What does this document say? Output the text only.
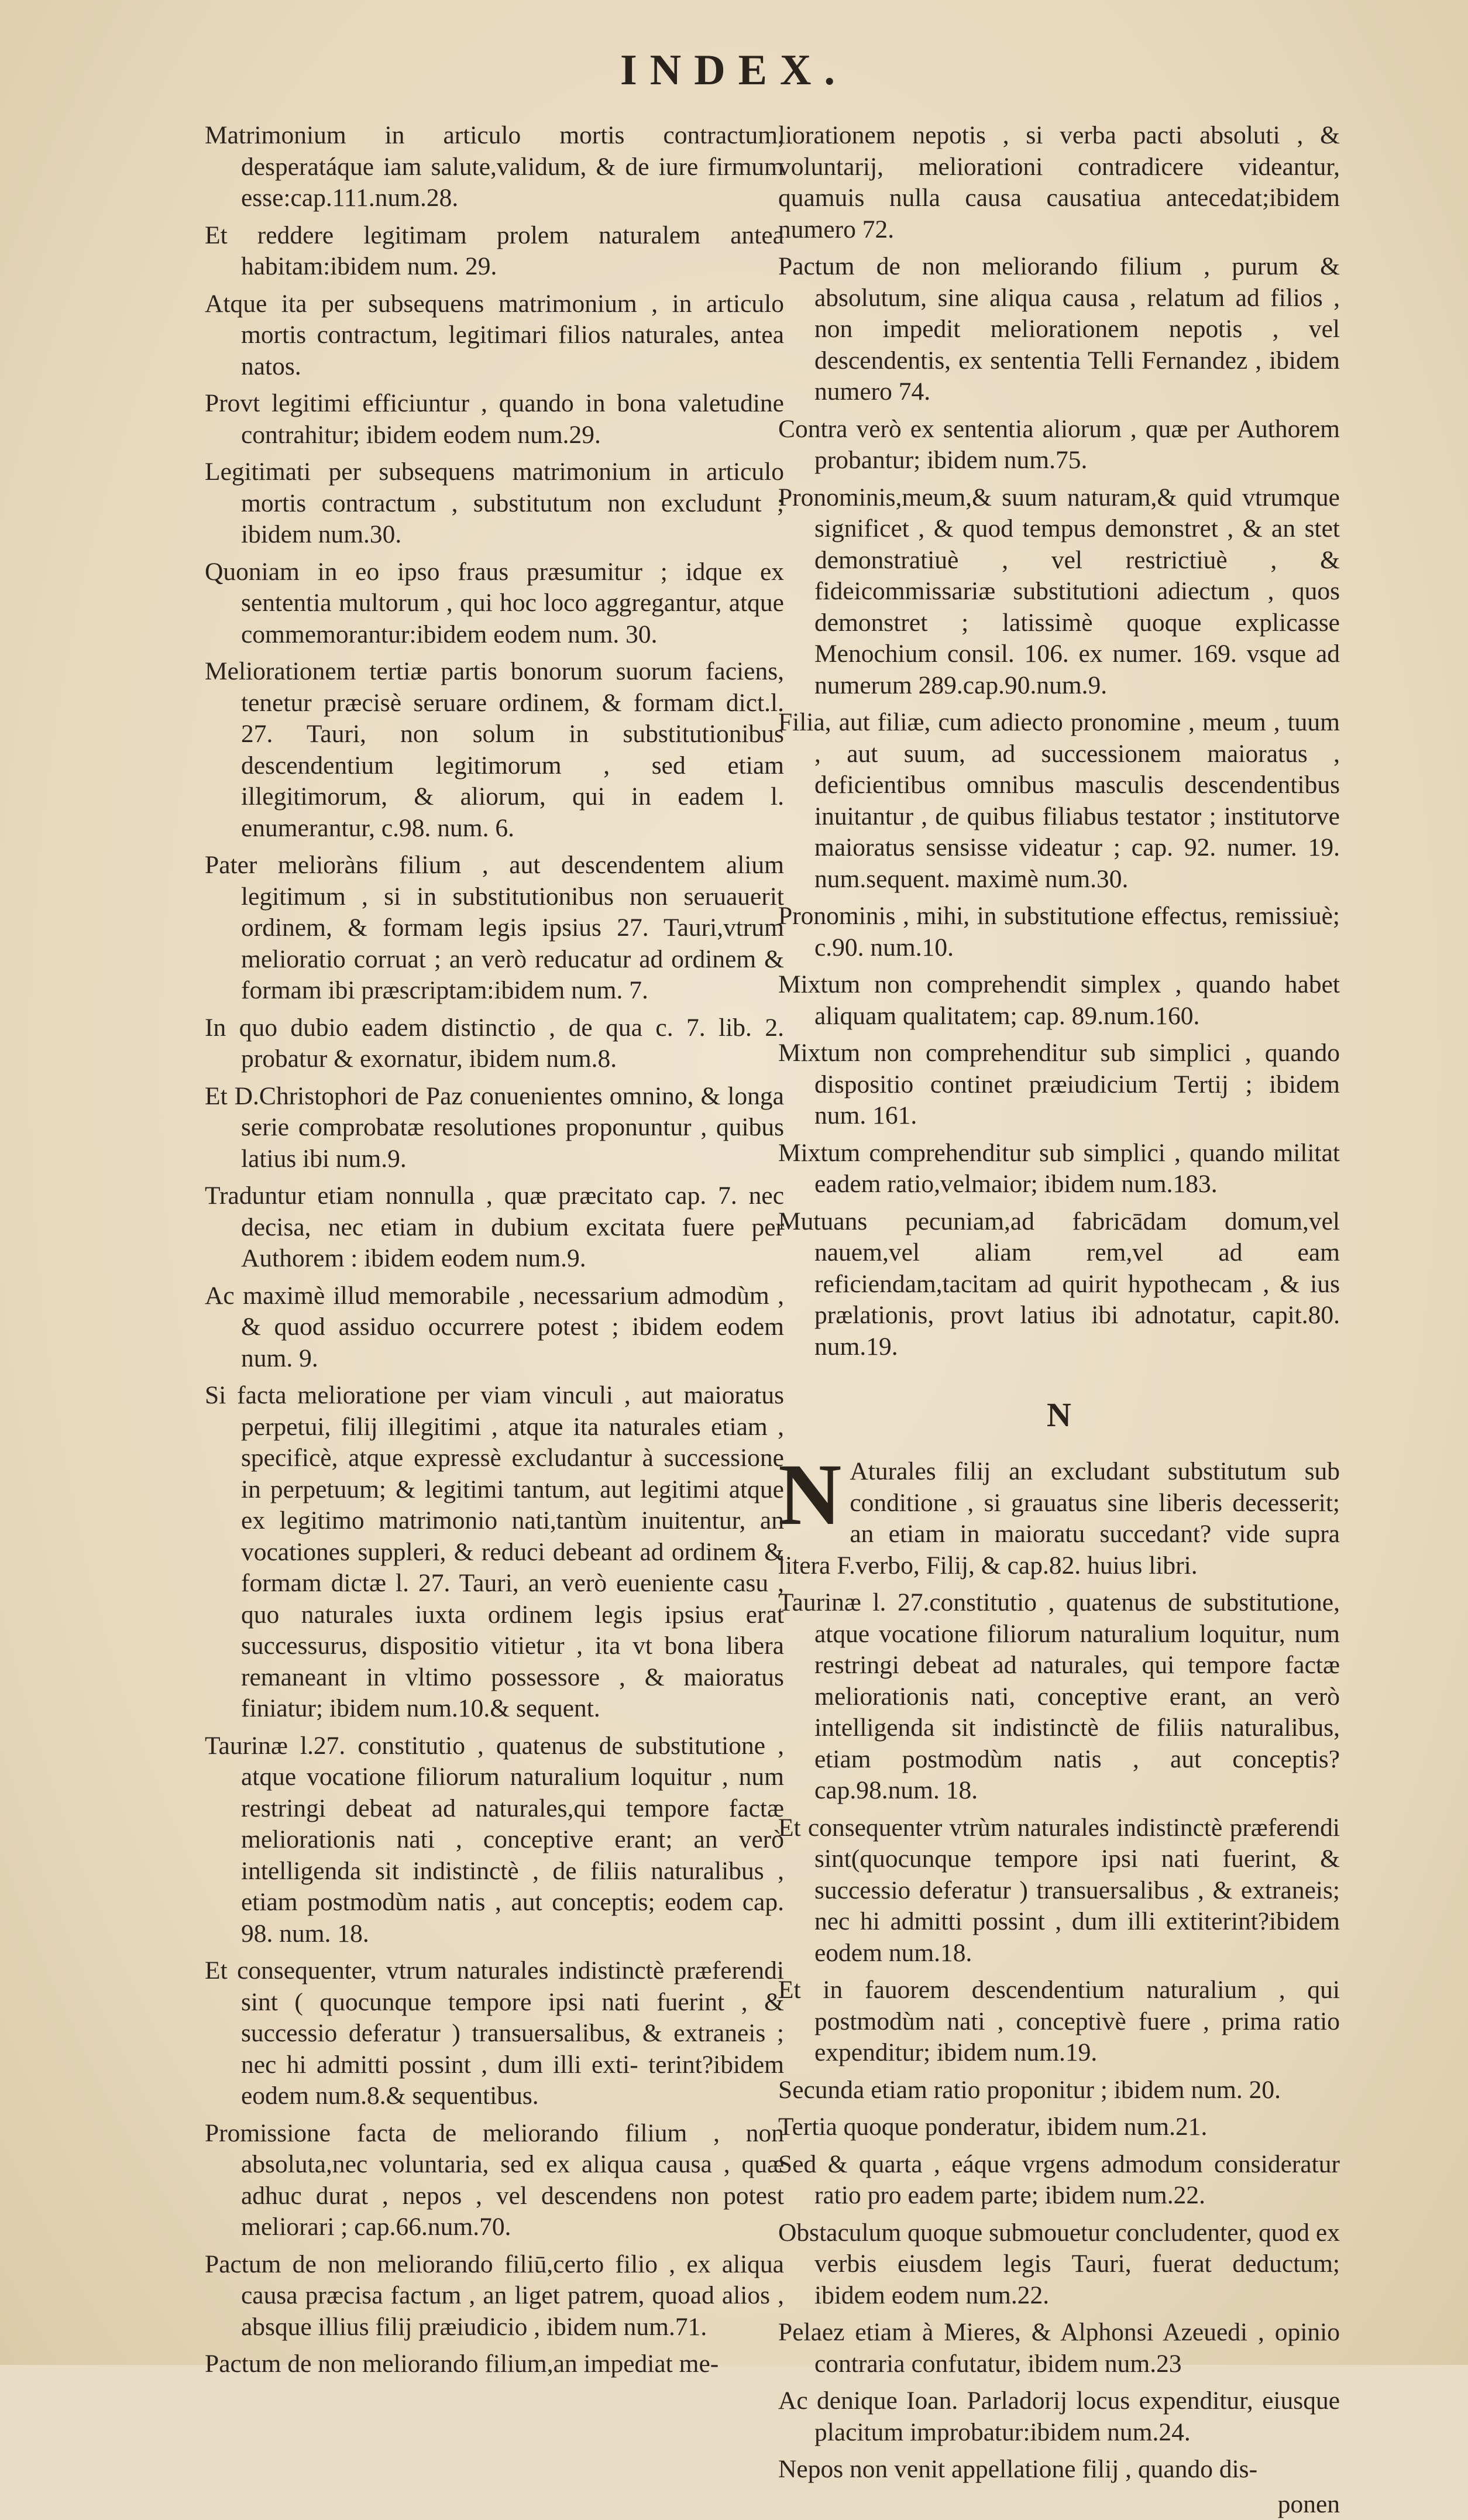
INDEX.

Matrimonium in articulo mortis contractum, desperatáque iam salute,validum, & de iure firmum esse:cap.111.num.28.

Et reddere legitimam prolem naturalem antea habitam:ibidem num. 29.

Atque ita per subsequens matrimonium , in articulo mortis contractum, legitimari filios naturales, antea natos.

Provt legitimi efficiuntur , quando in bona valetudine contrahitur; ibidem eodem num.29.

Legitimati per subsequens matrimonium in articulo mortis contractum , substitutum non excludunt ; ibidem num.30.

Quoniam in eo ipso fraus præsumitur ; idque ex sententia multorum , qui hoc loco aggregantur, atque commemorantur:ibidem eodem num. 30.

Meliorationem tertiæ partis bonorum suorum faciens, tenetur præcisè seruare ordinem, & formam dict.l. 27. Tauri, non solum in substitutionibus descendentium legitimorum , sed etiam illegitimorum, & aliorum, qui in eadem l. enumerantur, c.98. num. 6.

Pater melioràns filium , aut descendentem alium legitimum , si in substitutionibus non seruauerit ordinem, & formam legis ipsius 27. Tauri,vtrum melioratio corruat ; an verò reducatur ad ordinem & formam ibi præscriptam:ibidem num. 7.

In quo dubio eadem distinctio , de qua c. 7. lib. 2. probatur & exornatur, ibidem num.8.

Et D.Christophori de Paz conuenientes omnino, & longa serie comprobatæ resolutiones proponuntur , quibus latius ibi num.9.

Traduntur etiam nonnulla , quæ præcitato cap. 7. nec decisa, nec etiam in dubium excitata fuere per Authorem : ibidem eodem num.9.

Ac maximè illud memorabile , necessarium admodùm , & quod assiduo occurrere potest ; ibidem eodem num. 9.

Si facta melioratione per viam vinculi , aut maioratus perpetui, filij illegitimi , atque ita naturales etiam , specificè, atque expressè excludantur à successione in perpetuum; & legitimi tantum, aut legitimi atque ex legitimo matrimonio nati,tantùm inuitentur, an vocationes suppleri, & reduci debeant ad ordinem & formam dictæ l. 27. Tauri, an verò eueniente casu , quo naturales iuxta ordinem legis ipsius erat successurus, dispositio vitietur , ita vt bona libera remaneant in vltimo possessore , & maioratus finiatur; ibidem num.10.& sequent.

Taurinæ l.27. constitutio , quatenus de substitutione , atque vocatione filiorum naturalium loquitur , num restringi debeat ad naturales,qui tempore factæ meliorationis nati , conceptive erant; an verò intelligenda sit indistinctè , de filiis naturalibus , etiam postmodùm natis , aut conceptis; eodem cap. 98. num. 18.

Et consequenter, vtrum naturales indistinctè præferendi sint ( quocunque tempore ipsi nati fuerint , & successio deferatur ) transuersalibus, & extraneis ; nec hi admitti possint , dum illi exti- terint?ibidem eodem num.8.& sequentibus.

Promissione facta de meliorando filium , non absoluta,nec voluntaria, sed ex aliqua causa , quæ adhuc durat , nepos , vel descendens non potest meliorari ; cap.66.num.70.

Pactum de non meliorando filiū,certo filio , ex aliqua causa præcisa factum , an liget patrem, quoad alios , absque illius filij præiudicio , ibidem num.71.

Pactum de non meliorando filium,an impediat me-

liorationem nepotis , si verba pacti absoluti , & voluntarij, meliorationi contradicere videantur, quamuis nulla causa causatiua antecedat;ibidem numero 72.

Pactum de non meliorando filium , purum & absolutum, sine aliqua causa , relatum ad filios , non impedit meliorationem nepotis , vel descendentis, ex sententia Telli Fernandez , ibidem numero 74.

Contra verò ex sententia aliorum , quæ per Authorem probantur; ibidem num.75.

Pronominis,meum,& suum naturam,& quid vtrumque significet , & quod tempus demonstret , & an stet demonstratiuè , vel restrictiuè , & fideicommissariæ substitutioni adiectum , quos demonstret ; latissimè quoque explicasse Menochium consil. 106. ex numer. 169. vsque ad numerum 289.cap.90.num.9.

Filia, aut filiæ, cum adiecto pronomine , meum , tuum , aut suum, ad successionem maioratus , deficientibus omnibus masculis descendentibus inuitantur , de quibus filiabus testator ; institutorve maioratus sensisse videatur ; cap. 92. numer. 19. num.sequent. maximè num.30.

Pronominis , mihi, in substitutione effectus, remissiuè; c.90. num.10.

Mixtum non comprehendit simplex , quando habet aliquam qualitatem; cap. 89.num.160.

Mixtum non comprehenditur sub simplici , quando dispositio continet præiudicium Tertij ; ibidem num. 161.

Mixtum comprehenditur sub simplici , quando militat eadem ratio,velmaior; ibidem num.183.

Mutuans pecuniam,ad fabricādam domum,vel nauem,vel aliam rem,vel ad eam reficiendam,tacitam ad quirit hypothecam , & ius prælationis, provt latius ibi adnotatur, capit.80. num.19.

N

N Aturales filij an excludant substitutum sub conditione , si grauatus sine liberis decesserit; an etiam in maioratu succedant? vide supra litera F.verbo, Filij, & cap.82. huius libri.

Taurinæ l. 27.constitutio , quatenus de substitutione, atque vocatione filiorum naturalium loquitur, num restringi debeat ad naturales, qui tempore factæ meliorationis nati, conceptive erant, an verò intelligenda sit indistinctè de filiis naturalibus, etiam postmodùm natis , aut conceptis? cap.98.num. 18.

Et consequenter vtrùm naturales indistinctè præferendi sint(quocunque tempore ipsi nati fuerint, & successio deferatur ) transuersalibus , & extraneis; nec hi admitti possint , dum illi extiterint?ibidem eodem num.18.

Et in fauorem descendentium naturalium , qui postmodùm nati , conceptivè fuere , prima ratio expenditur; ibidem num.19.

Secunda etiam ratio proponitur ; ibidem num. 20.

Tertia quoque ponderatur, ibidem num.21.

Sed & quarta , eáque vrgens admodum consideratur ratio pro eadem parte; ibidem num.22.

Obstaculum quoque submouetur concludenter, quod ex verbis eiusdem legis Tauri, fuerat deductum; ibidem eodem num.22.

Pelaez etiam à Mieres, & Alphonsi Azeuedi , opinio contraria confutatur, ibidem num.23

Ac denique Ioan. Parladorij locus expenditur, eiusque placitum improbatur:ibidem num.24.

Nepos non venit appellatione filij , quando dis-

ponen
